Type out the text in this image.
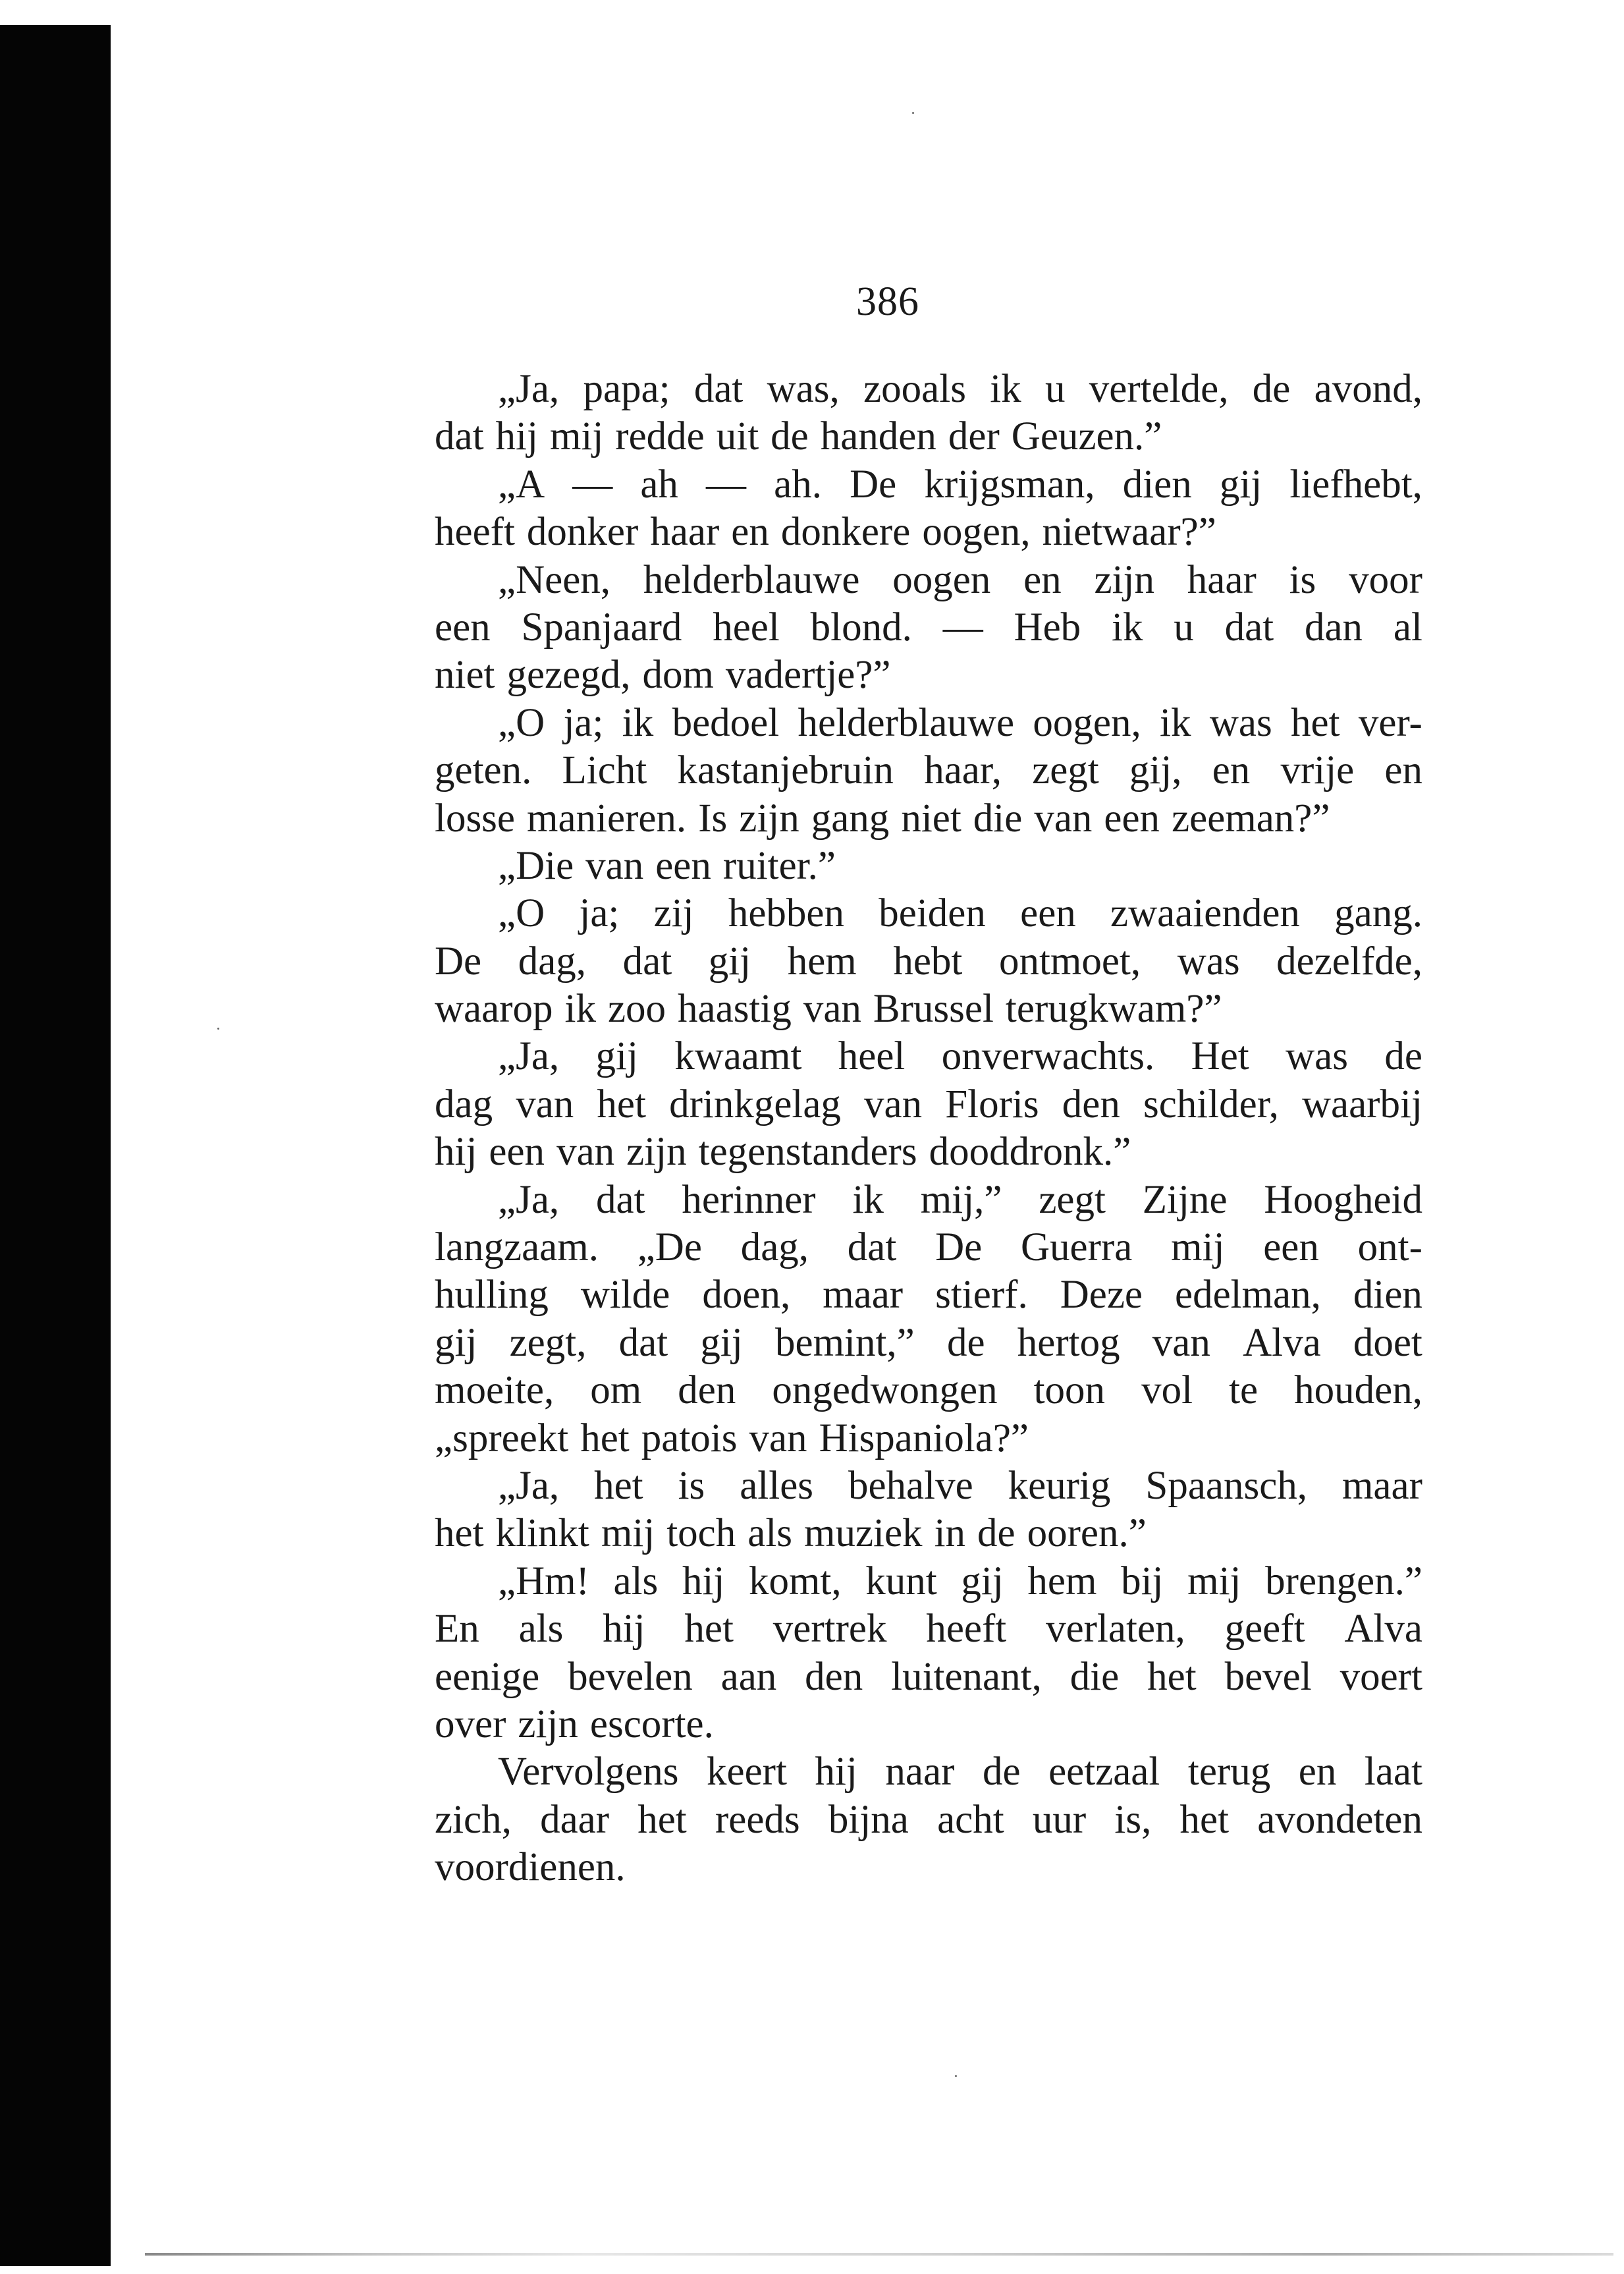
386
„Ja, papa; dat was, zooals ik u vertelde, de avond,
dat hij mij redde uit de handen der Geuzen.”
„A — ah — ah. De krijgsman, dien gij liefhebt,
heeft donker haar en donkere oogen, nietwaar?”
„Neen, helderblauwe oogen en zijn haar is voor
een Spanjaard heel blond. — Heb ik u dat dan al
niet gezegd, dom vadertje?”
„O ja; ik bedoel helderblauwe oogen, ik was het ver-
geten. Licht kastanjebruin haar, zegt gij, en vrije en
losse manieren. Is zijn gang niet die van een zeeman?”
„Die van een ruiter.”
„O ja; zij hebben beiden een zwaaienden gang.
De dag, dat gij hem hebt ontmoet, was dezelfde,
waarop ik zoo haastig van Brussel terugkwam?”
„Ja, gij kwaamt heel onverwachts. Het was de
dag van het drinkgelag van Floris den schilder, waarbij
hij een van zijn tegenstanders dooddronk.”
„Ja, dat herinner ik mij,” zegt Zijne Hoogheid
langzaam. „De dag, dat De Guerra mij een ont-
hulling wilde doen, maar stierf. Deze edelman, dien
gij zegt, dat gij bemint,” de hertog van Alva doet
moeite, om den ongedwongen toon vol te houden,
„spreekt het patois van Hispaniola?”
„Ja, het is alles behalve keurig Spaansch, maar
het klinkt mij toch als muziek in de ooren.”
„Hm! als hij komt, kunt gij hem bij mij brengen.”
En als hij het vertrek heeft verlaten, geeft Alva
eenige bevelen aan den luitenant, die het bevel voert
over zijn escorte.
Vervolgens keert hij naar de eetzaal terug en laat
zich, daar het reeds bijna acht uur is, het avondeten
voordienen.
